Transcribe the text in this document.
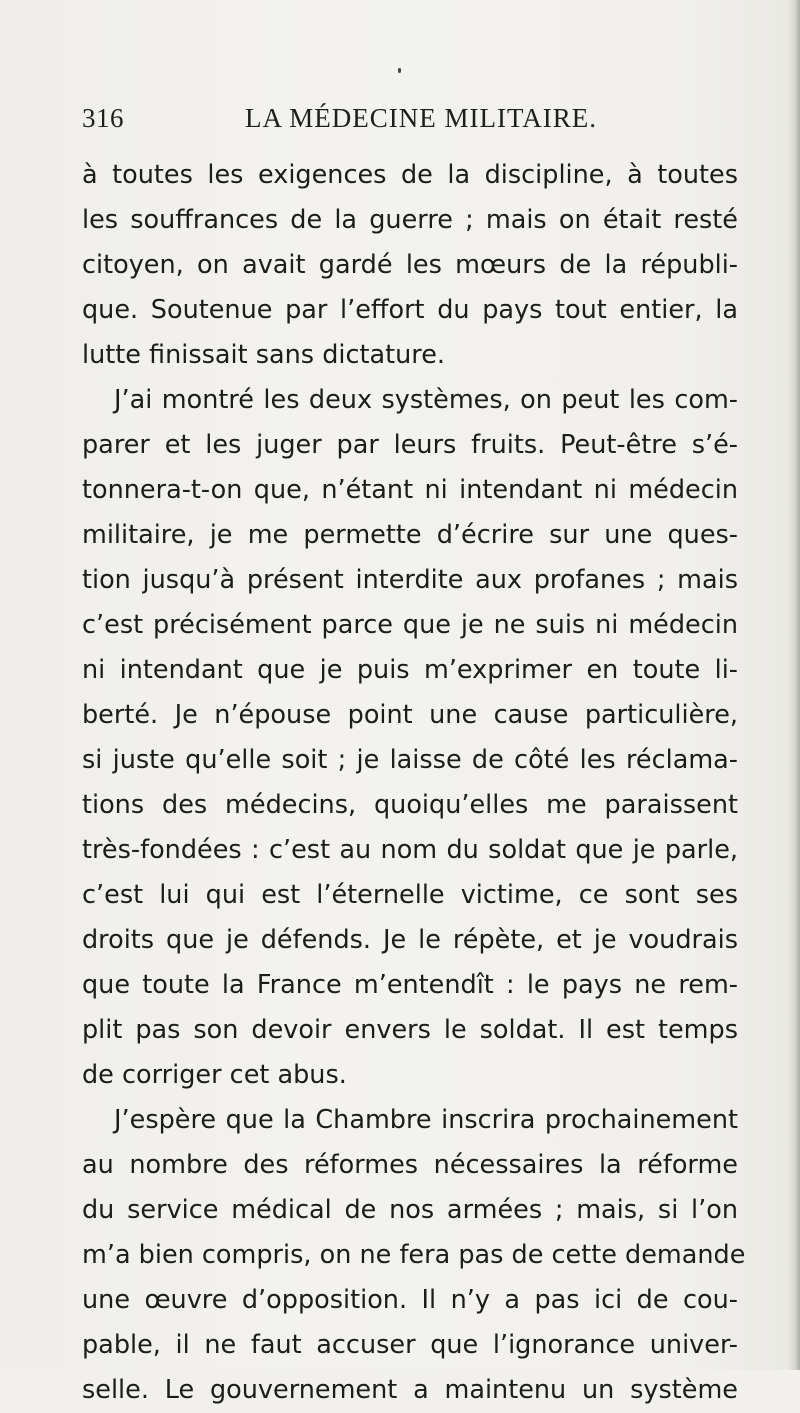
316	LA MÉDECINE MILITAIRE.
à toutes les exigences de la discipline, à toutes
les souffrances de la guerre ; mais on était resté
citoyen, on avait gardé les mœurs de la républi-
que. Soutenue par l’effort du pays tout entier, la
lutte finissait sans dictature.
J’ai montré les deux systèmes, on peut les com-
parer et les juger par leurs fruits. Peut-être s’é-
tonnera-t-on que, n’étant ni intendant ni médecin
militaire, je me permette d’écrire sur une ques-
tion jusqu’à présent interdite aux profanes ; mais
c’est précisément parce que je ne suis ni médecin
ni intendant que je puis m’exprimer en toute li-
berté. Je n’épouse point une cause particulière,
si juste qu’elle soit ; je laisse de côté les réclama-
tions des médecins, quoiqu’elles me paraissent
très-fondées : c’est au nom du soldat que je parle,
c’est lui qui est l’éternelle victime, ce sont ses
droits que je défends. Je le répète, et je voudrais
que toute la France m’entendît : le pays ne rem-
plit pas son devoir envers le soldat. Il est temps
de corriger cet abus.
J’espère que la Chambre inscrira prochainement
au nombre des réformes nécessaires la réforme
du service médical de nos armées ; mais, si l’on
m’a bien compris, on ne fera pas de cette demande
une œuvre d’opposition. Il n’y a pas ici de cou-
pable, il ne faut accuser que l’ignorance univer-
selle. Le gouvernement a maintenu un système
